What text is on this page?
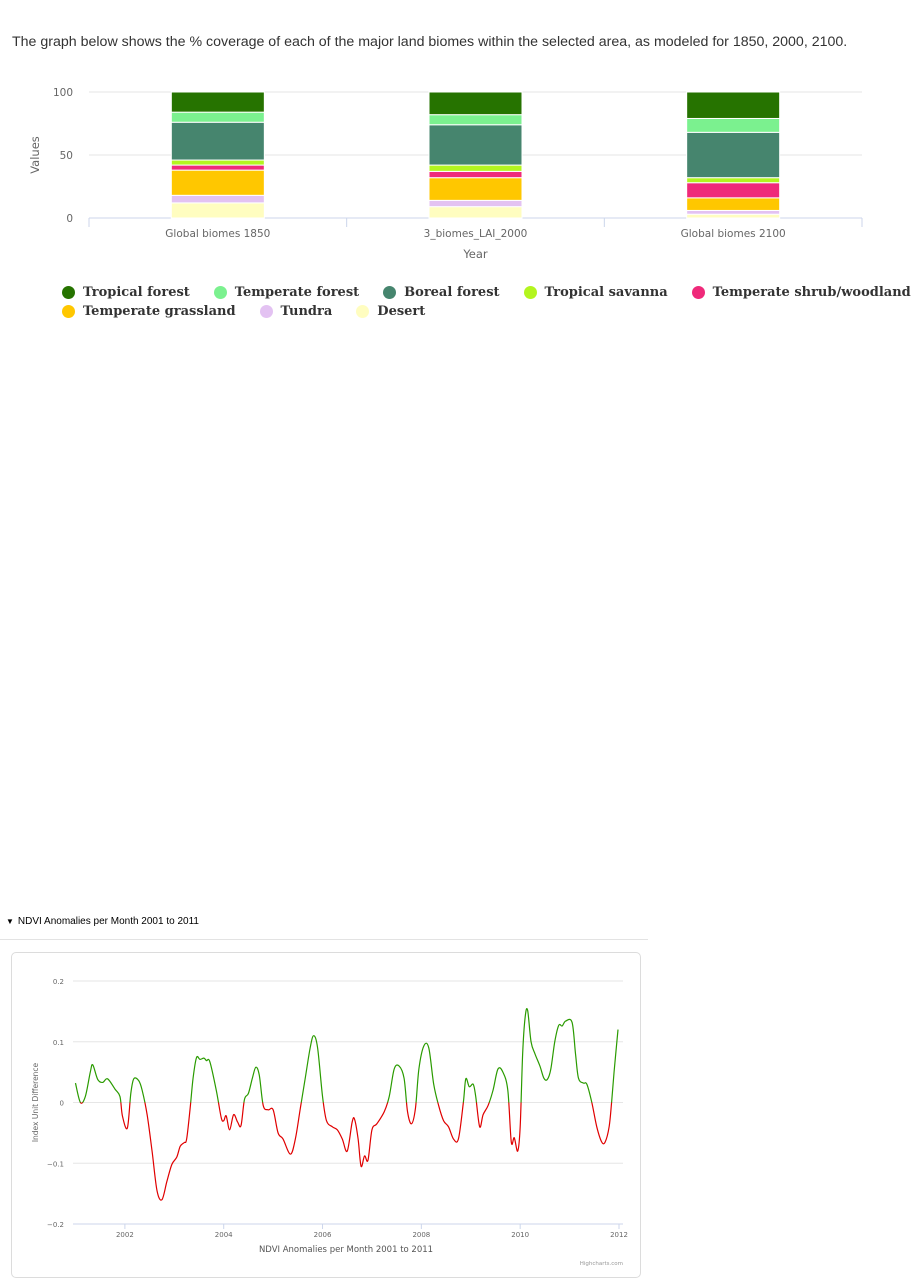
The graph below shows the % coverage of each of the major land biomes within the selected area, as modeled for 1850, 2000, 2100.
0
50
100
Global biomes 1850	3_biomes_LAI_2000	Global biomes 2100
Year
Values
Tropical forest	Temperate forest	Boreal forest	Tropical savanna	Temperate shrub/woodland
Temperate grassland	Tundra	Desert
▼ NDVI Anomalies per Month 2001 to 2011
−0.2
−0.1
0
0.1
0.2
2002	2004	2006	2008	2010	2012
NDVI Anomalies per Month 2001 to 2011
Index Unit Difference
Highcharts.com
